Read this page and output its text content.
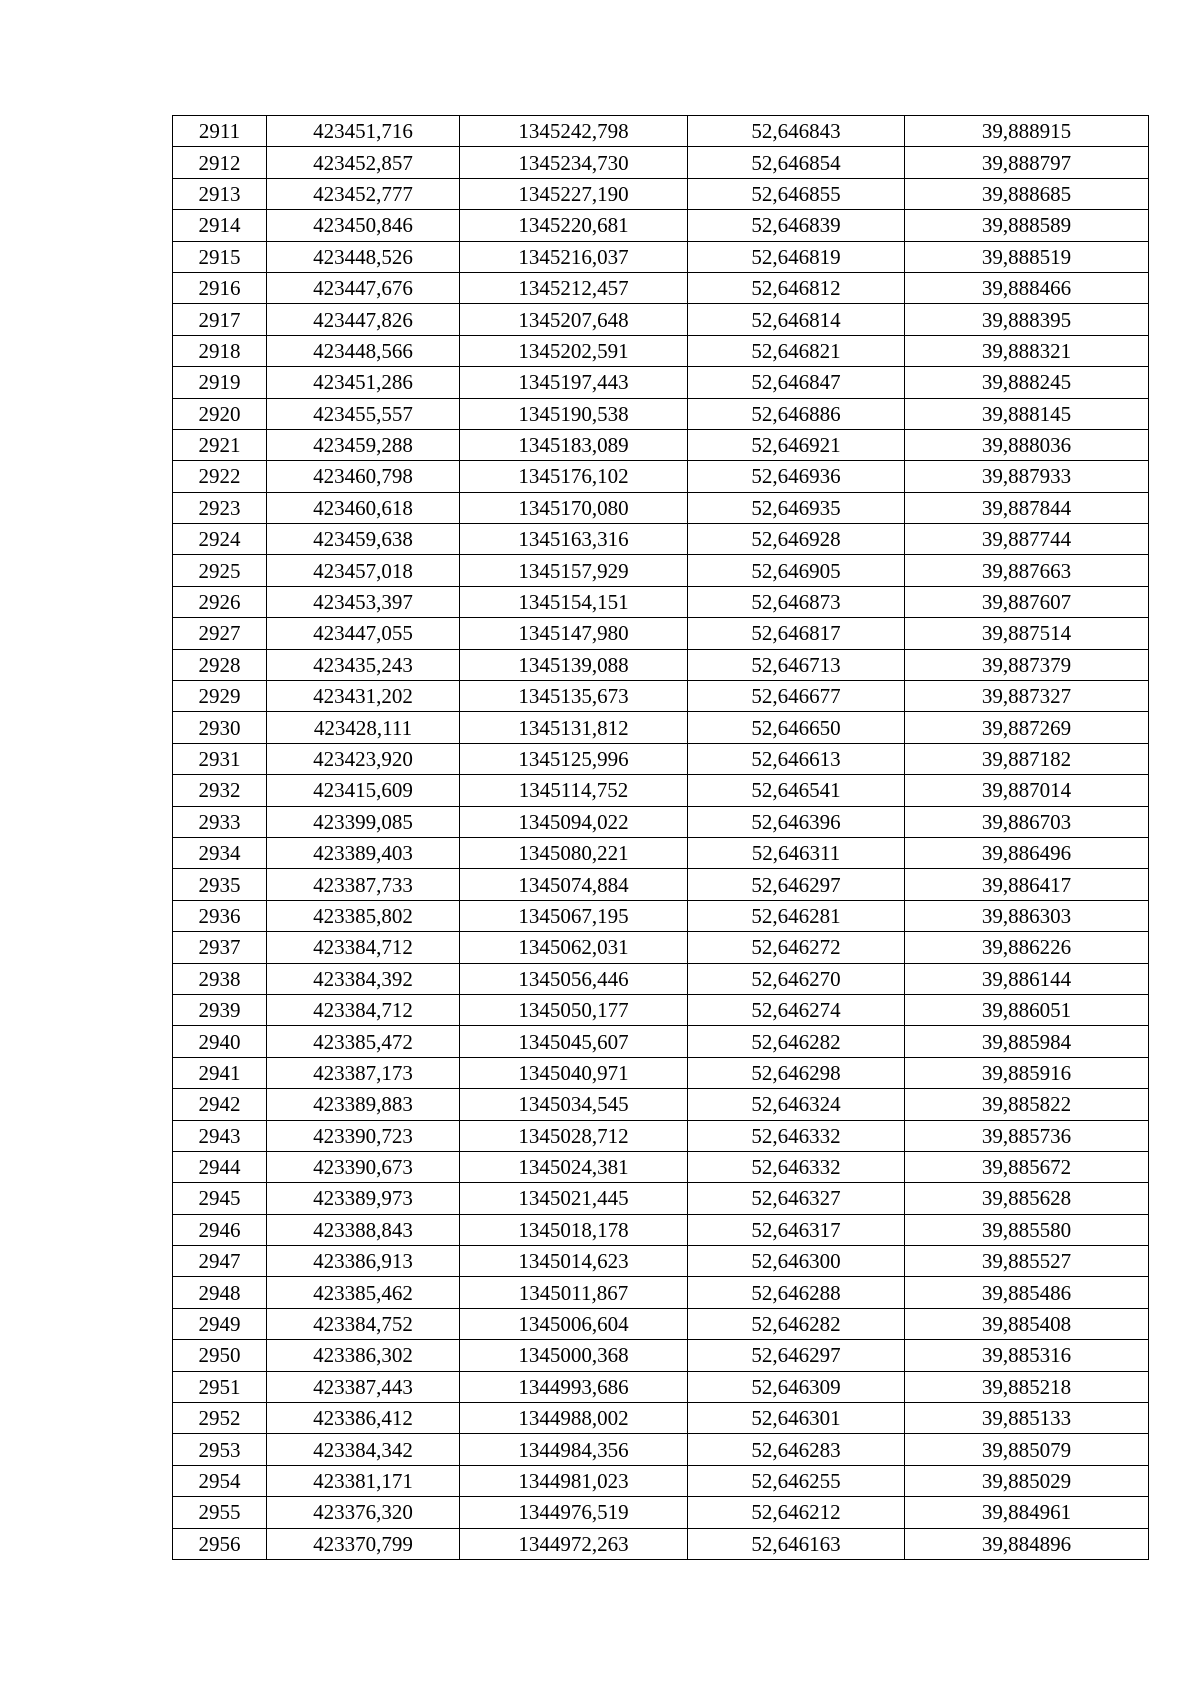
2911	423451,716	1345242,798	52,646843	39,888915
2912	423452,857	1345234,730	52,646854	39,888797
2913	423452,777	1345227,190	52,646855	39,888685
2914	423450,846	1345220,681	52,646839	39,888589
2915	423448,526	1345216,037	52,646819	39,888519
2916	423447,676	1345212,457	52,646812	39,888466
2917	423447,826	1345207,648	52,646814	39,888395
2918	423448,566	1345202,591	52,646821	39,888321
2919	423451,286	1345197,443	52,646847	39,888245
2920	423455,557	1345190,538	52,646886	39,888145
2921	423459,288	1345183,089	52,646921	39,888036
2922	423460,798	1345176,102	52,646936	39,887933
2923	423460,618	1345170,080	52,646935	39,887844
2924	423459,638	1345163,316	52,646928	39,887744
2925	423457,018	1345157,929	52,646905	39,887663
2926	423453,397	1345154,151	52,646873	39,887607
2927	423447,055	1345147,980	52,646817	39,887514
2928	423435,243	1345139,088	52,646713	39,887379
2929	423431,202	1345135,673	52,646677	39,887327
2930	423428,111	1345131,812	52,646650	39,887269
2931	423423,920	1345125,996	52,646613	39,887182
2932	423415,609	1345114,752	52,646541	39,887014
2933	423399,085	1345094,022	52,646396	39,886703
2934	423389,403	1345080,221	52,646311	39,886496
2935	423387,733	1345074,884	52,646297	39,886417
2936	423385,802	1345067,195	52,646281	39,886303
2937	423384,712	1345062,031	52,646272	39,886226
2938	423384,392	1345056,446	52,646270	39,886144
2939	423384,712	1345050,177	52,646274	39,886051
2940	423385,472	1345045,607	52,646282	39,885984
2941	423387,173	1345040,971	52,646298	39,885916
2942	423389,883	1345034,545	52,646324	39,885822
2943	423390,723	1345028,712	52,646332	39,885736
2944	423390,673	1345024,381	52,646332	39,885672
2945	423389,973	1345021,445	52,646327	39,885628
2946	423388,843	1345018,178	52,646317	39,885580
2947	423386,913	1345014,623	52,646300	39,885527
2948	423385,462	1345011,867	52,646288	39,885486
2949	423384,752	1345006,604	52,646282	39,885408
2950	423386,302	1345000,368	52,646297	39,885316
2951	423387,443	1344993,686	52,646309	39,885218
2952	423386,412	1344988,002	52,646301	39,885133
2953	423384,342	1344984,356	52,646283	39,885079
2954	423381,171	1344981,023	52,646255	39,885029
2955	423376,320	1344976,519	52,646212	39,884961
2956	423370,799	1344972,263	52,646163	39,884896
